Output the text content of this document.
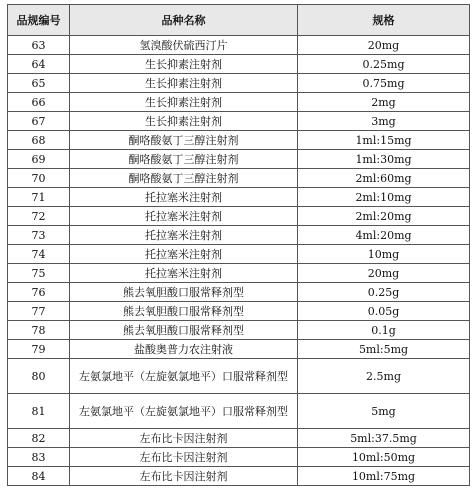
品规编号	品种名称	规格
63	氢溴酸伏硫西汀片	20mg
64	生长抑素注射剂	0.25mg
65	生长抑素注射剂	0.75mg
66	生长抑素注射剂	2mg
67	生长抑素注射剂	3mg
68	酮咯酸氨丁三醇注射剂	1ml:15mg
69	酮咯酸氨丁三醇注射剂	1ml:30mg
70	酮咯酸氨丁三醇注射剂	2ml:60mg
71	托拉塞米注射剂	2ml:10mg
72	托拉塞米注射剂	2ml:20mg
73	托拉塞米注射剂	4ml:20mg
74	托拉塞米注射剂	10mg
75	托拉塞米注射剂	20mg
76	熊去氧胆酸口服常释剂型	0.25g
77	熊去氧胆酸口服常释剂型	0.05g
78	熊去氧胆酸口服常释剂型	0.1g
79	盐酸奥普力农注射液	5ml:5mg
80	左氨氯地平（左旋氨氯地平）口服常释剂型	2.5mg
81	左氨氯地平（左旋氨氯地平）口服常释剂型	5mg
82	左布比卡因注射剂	5ml:37.5mg
83	左布比卡因注射剂	10ml:50mg
84	左布比卡因注射剂	10ml:75mg
